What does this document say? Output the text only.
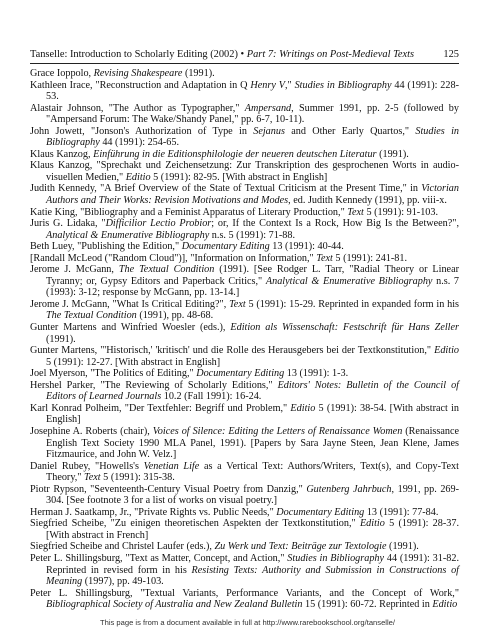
Tanselle: Introduction to Scholarly Editing (2002) • Part 7: Writings on Post-Medieval Texts	125

Grace Ioppolo, Revising Shakespeare (1991).

Kathleen Irace, "Reconstruction and Adaptation in Q Henry V," Studies in Bibliography 44 (1991): 228-53.

Alastair Johnson, "The Author as Typographer," Ampersand, Summer 1991, pp. 2-5 (followed by "Ampersand Forum: The Wake/Shandy Panel," pp. 6-7, 10-11).

John Jowett, "Jonson's Authorization of Type in Sejanus and Other Early Quartos," Studies in Bibliography 44 (1991): 254-65.

Klaus Kanzog, Einführung in die Editionsphilologie der neueren deutschen Literatur (1991).

Klaus Kanzog, "Sprechakt und Zeichensetzung: Zur Transkription des gesprochenen Worts in audio-visuellen Medien," Editio 5 (1991): 82-95. [With abstract in English]

Judith Kennedy, "A Brief Overview of the State of Textual Criticism at the Present Time," in Victorian Authors and Their Works: Revision Motivations and Modes, ed. Judith Kennedy (1991), pp. viii-x.

Katie King, "Bibliography and a Feminist Apparatus of Literary Production," Text 5 (1991): 91-103.

Juris G. Lidaka, "Difficilior Lectio Probior; or, If the Context Is a Rock, How Big Is the Between?", Analytical & Enumerative Bibliography n.s. 5 (1991): 71-88.

Beth Luey, "Publishing the Edition," Documentary Editing 13 (1991): 40-44.

[Randall McLeod ("Random Cloud")], "Information on Information," Text 5 (1991): 241-81.

Jerome J. McGann, The Textual Condition (1991). [See Rodger L. Tarr, "Radial Theory or Linear Tyranny; or, Gypsy Editors and Paperback Critics," Analytical & Enumerative Bibliography n.s. 7 (1993): 3-12; response by McGann, pp. 13-14.]

Jerome J. McGann, "What Is Critical Editing?", Text 5 (1991): 15-29. Reprinted in expanded form in his The Textual Condition (1991), pp. 48-68.

Gunter Martens and Winfried Woesler (eds.), Edition als Wissenschaft: Festschrift für Hans Zeller (1991).

Gunter Martens, "'Historisch,' 'kritisch' und die Rolle des Herausgebers bei der Textkonstitution," Editio 5 (1991): 12-27. [With abstract in English]

Joel Myerson, "The Politics of Editing," Documentary Editing 13 (1991): 1-3.

Hershel Parker, "The Reviewing of Scholarly Editions," Editors' Notes: Bulletin of the Council of Editors of Learned Journals 10.2 (Fall 1991): 16-24.

Karl Konrad Polheim, "Der Textfehler: Begriff und Problem," Editio 5 (1991): 38-54. [With abstract in English]

Josephine A. Roberts (chair), Voices of Silence: Editing the Letters of Renaissance Women (Renaissance English Text Society 1990 MLA Panel, 1991). [Papers by Sara Jayne Steen, Jean Klene, James Fitzmaurice, and John W. Velz.]

Daniel Rubey, "Howells's Venetian Life as a Vertical Text: Authors/Writers, Text(s), and Copy-Text Theory," Text 5 (1991): 315-38.

Piotr Rypson, "Seventeenth-Century Visual Poetry from Danzig," Gutenberg Jahrbuch, 1991, pp. 269-304. [See footnote 3 for a list of works on visual poetry.]

Herman J. Saatkamp, Jr., "Private Rights vs. Public Needs," Documentary Editing 13 (1991): 77-84.

Siegfried Scheibe, "Zu einigen theoretischen Aspekten der Textkonstitution," Editio 5 (1991): 28-37. [With abstract in French]

Siegfried Scheibe and Christel Laufer (eds.), Zu Werk und Text: Beiträge zur Textologie (1991).

Peter L. Shillingsburg, "Text as Matter, Concept, and Action," Studies in Bibliography 44 (1991): 31-82. Reprinted in revised form in his Resisting Texts: Authority and Submission in Constructions of Meaning (1997), pp. 49-103.

Peter L. Shillingsburg, "Textual Variants, Performance Variants, and the Concept of Work," Bibliographical Society of Australia and New Zealand Bulletin 15 (1991): 60-72. Reprinted in Editio

This page is from a document available in full at http://www.rarebookschool.org/tanselle/
